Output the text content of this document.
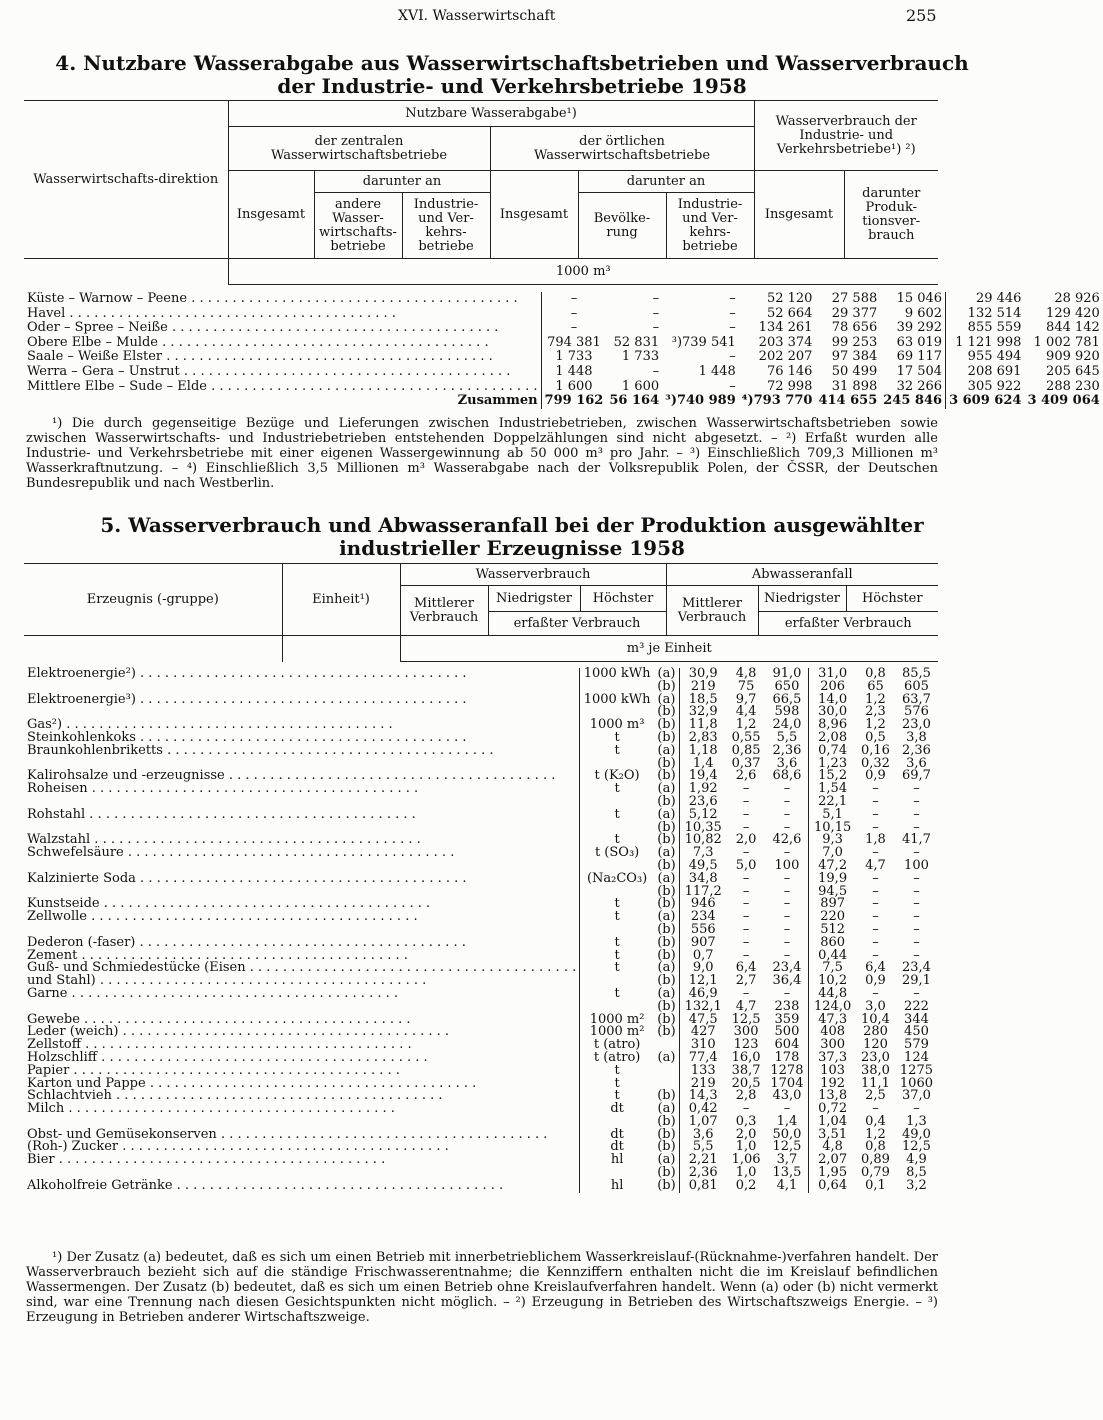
XVI. Wasserwirtschaft	255
4. Nutzbare Wasserabgabe aus Wasserwirtschaftsbetrieben und Wasserverbrauch
der Industrie- und Verkehrsbetriebe 1958
Wasserwirtschafts-direktion	Nutzbare Wasserabgabe¹)						Wasserverbrauch der Industrie- und Verkehrsbetriebe¹) ²)	
	der zentralen Wasserwirtschaftsbetriebe			der örtlichen Wasserwirtschaftsbetriebe				
	Insgesamt	darunter an		Insgesamt	darunter an		Insgesamt	darunter Produk-tionsver-brauch
		andere Wasser-wirtschafts-betriebe	Industrie- und Ver-kehrs-betriebe		Bevölke-rung	Industrie- und Ver-kehrs-betriebe		
	1000 m³							
Küste – Warnow – Peene . . . . . . . . . . . . . . . . . . . . . . . . . . . . . . . . . . . . . . . .	–	–	–	52 120	27 588	15 046	29 446	28 926
Havel . . . . . . . . . . . . . . . . . . . . . . . . . . . . . . . . . . . . . . . .	–	–	–	52 664	29 377	9 602	132 514	129 420
Oder – Spree – Neiße . . . . . . . . . . . . . . . . . . . . . . . . . . . . . . . . . . . . . . . .	–	–	–	134 261	78 656	39 292	855 559	844 142
Obere Elbe – Mulde . . . . . . . . . . . . . . . . . . . . . . . . . . . . . . . . . . . . . . . .	794 381	52 831	³)739 541	203 374	99 253	63 019	1 121 998	1 002 781
Saale – Weiße Elster . . . . . . . . . . . . . . . . . . . . . . . . . . . . . . . . . . . . . . . .	1 733	1 733	–	202 207	97 384	69 117	955 494	909 920
Werra – Gera – Unstrut . . . . . . . . . . . . . . . . . . . . . . . . . . . . . . . . . . . . . . . .	1 448	–	1 448	76 146	50 499	17 504	208 691	205 645
Mittlere Elbe – Sude – Elde . . . . . . . . . . . . . . . . . . . . . . . . . . . . . . . . . . . . . . . .	1 600	1 600	–	72 998	31 898	32 266	305 922	288 230
Zusammen	799 162	56 164	³)740 989	⁴)793 770	414 655	245 846	3 609 624	3 409 064
¹) Die durch gegenseitige Bezüge und Lieferungen zwischen Industriebetrieben, zwischen Wasserwirtschaftsbetrieben sowie zwischen Wasserwirtschafts- und Industriebetrieben entstehenden Doppelzählungen sind nicht abgesetzt. – ²) Erfaßt wurden alle Industrie- und Verkehrsbetriebe mit einer eigenen Wassergewinnung ab 50 000 m³ pro Jahr. – ³) Einschließlich 709,3 Millionen m³ Wasserkraftnutzung. – ⁴) Einschließlich 3,5 Millionen m³ Wasserabgabe nach der Volksrepublik Polen, der ČSSR, der Deutschen Bundesrepublik und nach Westberlin.
5. Wasserverbrauch und Abwasseranfall bei der Produktion ausgewählter
industrieller Erzeugnisse 1958
Erzeugnis (-gruppe)	Einheit¹)	Wasserverbrauch			Abwasseranfall		
		Mittlerer Verbrauch	Niedrigster	Höchster	Mittlerer Verbrauch	Niedrigster	Höchster
			erfaßter Verbrauch			erfaßter Verbrauch	
		m³ je Einheit					
Elektroenergie²) . . . . . . . . . . . . . . . . . . . . . . . . . . . . . . . . . . . . . . . .	1000 kWh	(a)	30,9	4,8	91,0	31,0	0,8	85,5
		(b)	219	75	650	206	65	605
Elektroenergie³) . . . . . . . . . . . . . . . . . . . . . . . . . . . . . . . . . . . . . . . .	1000 kWh	(a)	18,5	9,7	66,5	14,0	1,2	63,7
		(b)	32,9	4,4	598	30,0	2,3	576
Gas²) . . . . . . . . . . . . . . . . . . . . . . . . . . . . . . . . . . . . . . . .	1000 m³	(b)	11,8	1,2	24,0	8,96	1,2	23,0
Steinkohlenkoks . . . . . . . . . . . . . . . . . . . . . . . . . . . . . . . . . . . . . . . .	t	(b)	2,83	0,55	5,5	2,08	0,5	3,8
Braunkohlenbriketts . . . . . . . . . . . . . . . . . . . . . . . . . . . . . . . . . . . . . . . .	t	(a)	1,18	0,85	2,36	0,74	0,16	2,36
		(b)	1,4	0,37	3,6	1,23	0,32	3,6
Kalirohsalze und -erzeugnisse . . . . . . . . . . . . . . . . . . . . . . . . . . . . . . . . . . . . . . . .	t (K₂O)	(b)	19,4	2,6	68,6	15,2	0,9	69,7
Roheisen . . . . . . . . . . . . . . . . . . . . . . . . . . . . . . . . . . . . . . . .	t	(a)	1,92	–	–	1,54	–	–
		(b)	23,6	–	–	22,1	–	–
Rohstahl . . . . . . . . . . . . . . . . . . . . . . . . . . . . . . . . . . . . . . . .	t	(a)	5,12	–	–	5,1	–	–
		(b)	10,35	–	–	10,15	–	–
Walzstahl . . . . . . . . . . . . . . . . . . . . . . . . . . . . . . . . . . . . . . . .	t	(b)	10,82	2,0	42,6	9,3	1,8	41,7
Schwefelsäure . . . . . . . . . . . . . . . . . . . . . . . . . . . . . . . . . . . . . . . .	t (SO₃)	(a)	7,3	–	–	7,0	–	–
		(b)	49,5	5,0	100	47,2	4,7	100
Kalzinierte Soda . . . . . . . . . . . . . . . . . . . . . . . . . . . . . . . . . . . . . . . .	(Na₂CO₃)	(a)	34,8	–	–	19,9	–	–
		(b)	117,2	–	–	94,5	–	–
Kunstseide . . . . . . . . . . . . . . . . . . . . . . . . . . . . . . . . . . . . . . . .	t	(b)	946	–	–	897	–	–
Zellwolle . . . . . . . . . . . . . . . . . . . . . . . . . . . . . . . . . . . . . . . .	t	(a)	234	–	–	220	–	–
		(b)	556	–	–	512	–	–
Dederon (-faser) . . . . . . . . . . . . . . . . . . . . . . . . . . . . . . . . . . . . . . . .	t	(b)	907	–	–	860	–	–
Zement . . . . . . . . . . . . . . . . . . . . . . . . . . . . . . . . . . . . . . . .	t	(b)	0,7	–	–	0,44	–	–
Guß- und Schmiedestücke (Eisen . . . . . . . . . . . . . . . . . . . . . . . . . . . . . . . . . . . . . . . .	t	(a)	9,0	6,4	23,4	7,5	6,4	23,4
und Stahl) . . . . . . . . . . . . . . . . . . . . . . . . . . . . . . . . . . . . . . . .		(b)	12,1	2,7	36,4	10,2	0,9	29,1
Garne . . . . . . . . . . . . . . . . . . . . . . . . . . . . . . . . . . . . . . . .	t	(a)	46,9	–	–	44,8	–	–
		(b)	132,1	4,7	238	124,0	3,0	222
Gewebe . . . . . . . . . . . . . . . . . . . . . . . . . . . . . . . . . . . . . . . .	1000 m²	(b)	47,5	12,5	359	47,3	10,4	344
Leder (weich) . . . . . . . . . . . . . . . . . . . . . . . . . . . . . . . . . . . . . . . .	1000 m²	(b)	427	300	500	408	280	450
Zellstoff . . . . . . . . . . . . . . . . . . . . . . . . . . . . . . . . . . . . . . . .	t (atro)		310	123	604	300	120	579
Holzschliff . . . . . . . . . . . . . . . . . . . . . . . . . . . . . . . . . . . . . . . .	t (atro)	(a)	77,4	16,0	178	37,3	23,0	124
Papier . . . . . . . . . . . . . . . . . . . . . . . . . . . . . . . . . . . . . . . .	t		133	38,7	1278	103	38,0	1275
Karton und Pappe . . . . . . . . . . . . . . . . . . . . . . . . . . . . . . . . . . . . . . . .	t		219	20,5	1704	192	11,1	1060
Schlachtvieh . . . . . . . . . . . . . . . . . . . . . . . . . . . . . . . . . . . . . . . .	t	(b)	14,3	2,8	43,0	13,8	2,5	37,0
Milch . . . . . . . . . . . . . . . . . . . . . . . . . . . . . . . . . . . . . . . .	dt	(a)	0,42	–	–	0,72	–	–
		(b)	1,07	0,3	1,4	1,04	0,4	1,3
Obst- und Gemüsekonserven . . . . . . . . . . . . . . . . . . . . . . . . . . . . . . . . . . . . . . . .	dt	(b)	3,6	2,0	50,0	3,51	1,2	49,0
(Roh-) Zucker . . . . . . . . . . . . . . . . . . . . . . . . . . . . . . . . . . . . . . . .	dt	(b)	5,5	1,0	12,5	4,8	0,8	12,5
Bier . . . . . . . . . . . . . . . . . . . . . . . . . . . . . . . . . . . . . . . .	hl	(a)	2,21	1,06	3,7	2,07	0,89	4,9
		(b)	2,36	1,0	13,5	1,95	0,79	8,5
Alkoholfreie Getränke . . . . . . . . . . . . . . . . . . . . . . . . . . . . . . . . . . . . . . . .	hl	(b)	0,81	0,2	4,1	0,64	0,1	3,2
¹) Der Zusatz (a) bedeutet, daß es sich um einen Betrieb mit innerbetrieblichem Wasserkreislauf-(Rücknahme-)verfahren handelt. Der Wasserverbrauch bezieht sich auf die ständige Frischwasserentnahme; die Kennziffern enthalten nicht die im Kreislauf befindlichen Wassermengen. Der Zusatz (b) bedeutet, daß es sich um einen Betrieb ohne Kreislaufverfahren handelt. Wenn (a) oder (b) nicht vermerkt sind, war eine Trennung nach diesen Gesichtspunkten nicht möglich. – ²) Erzeugung in Betrieben des Wirtschaftszweigs Energie. – ³) Erzeugung in Betrieben anderer Wirtschaftszweige.
